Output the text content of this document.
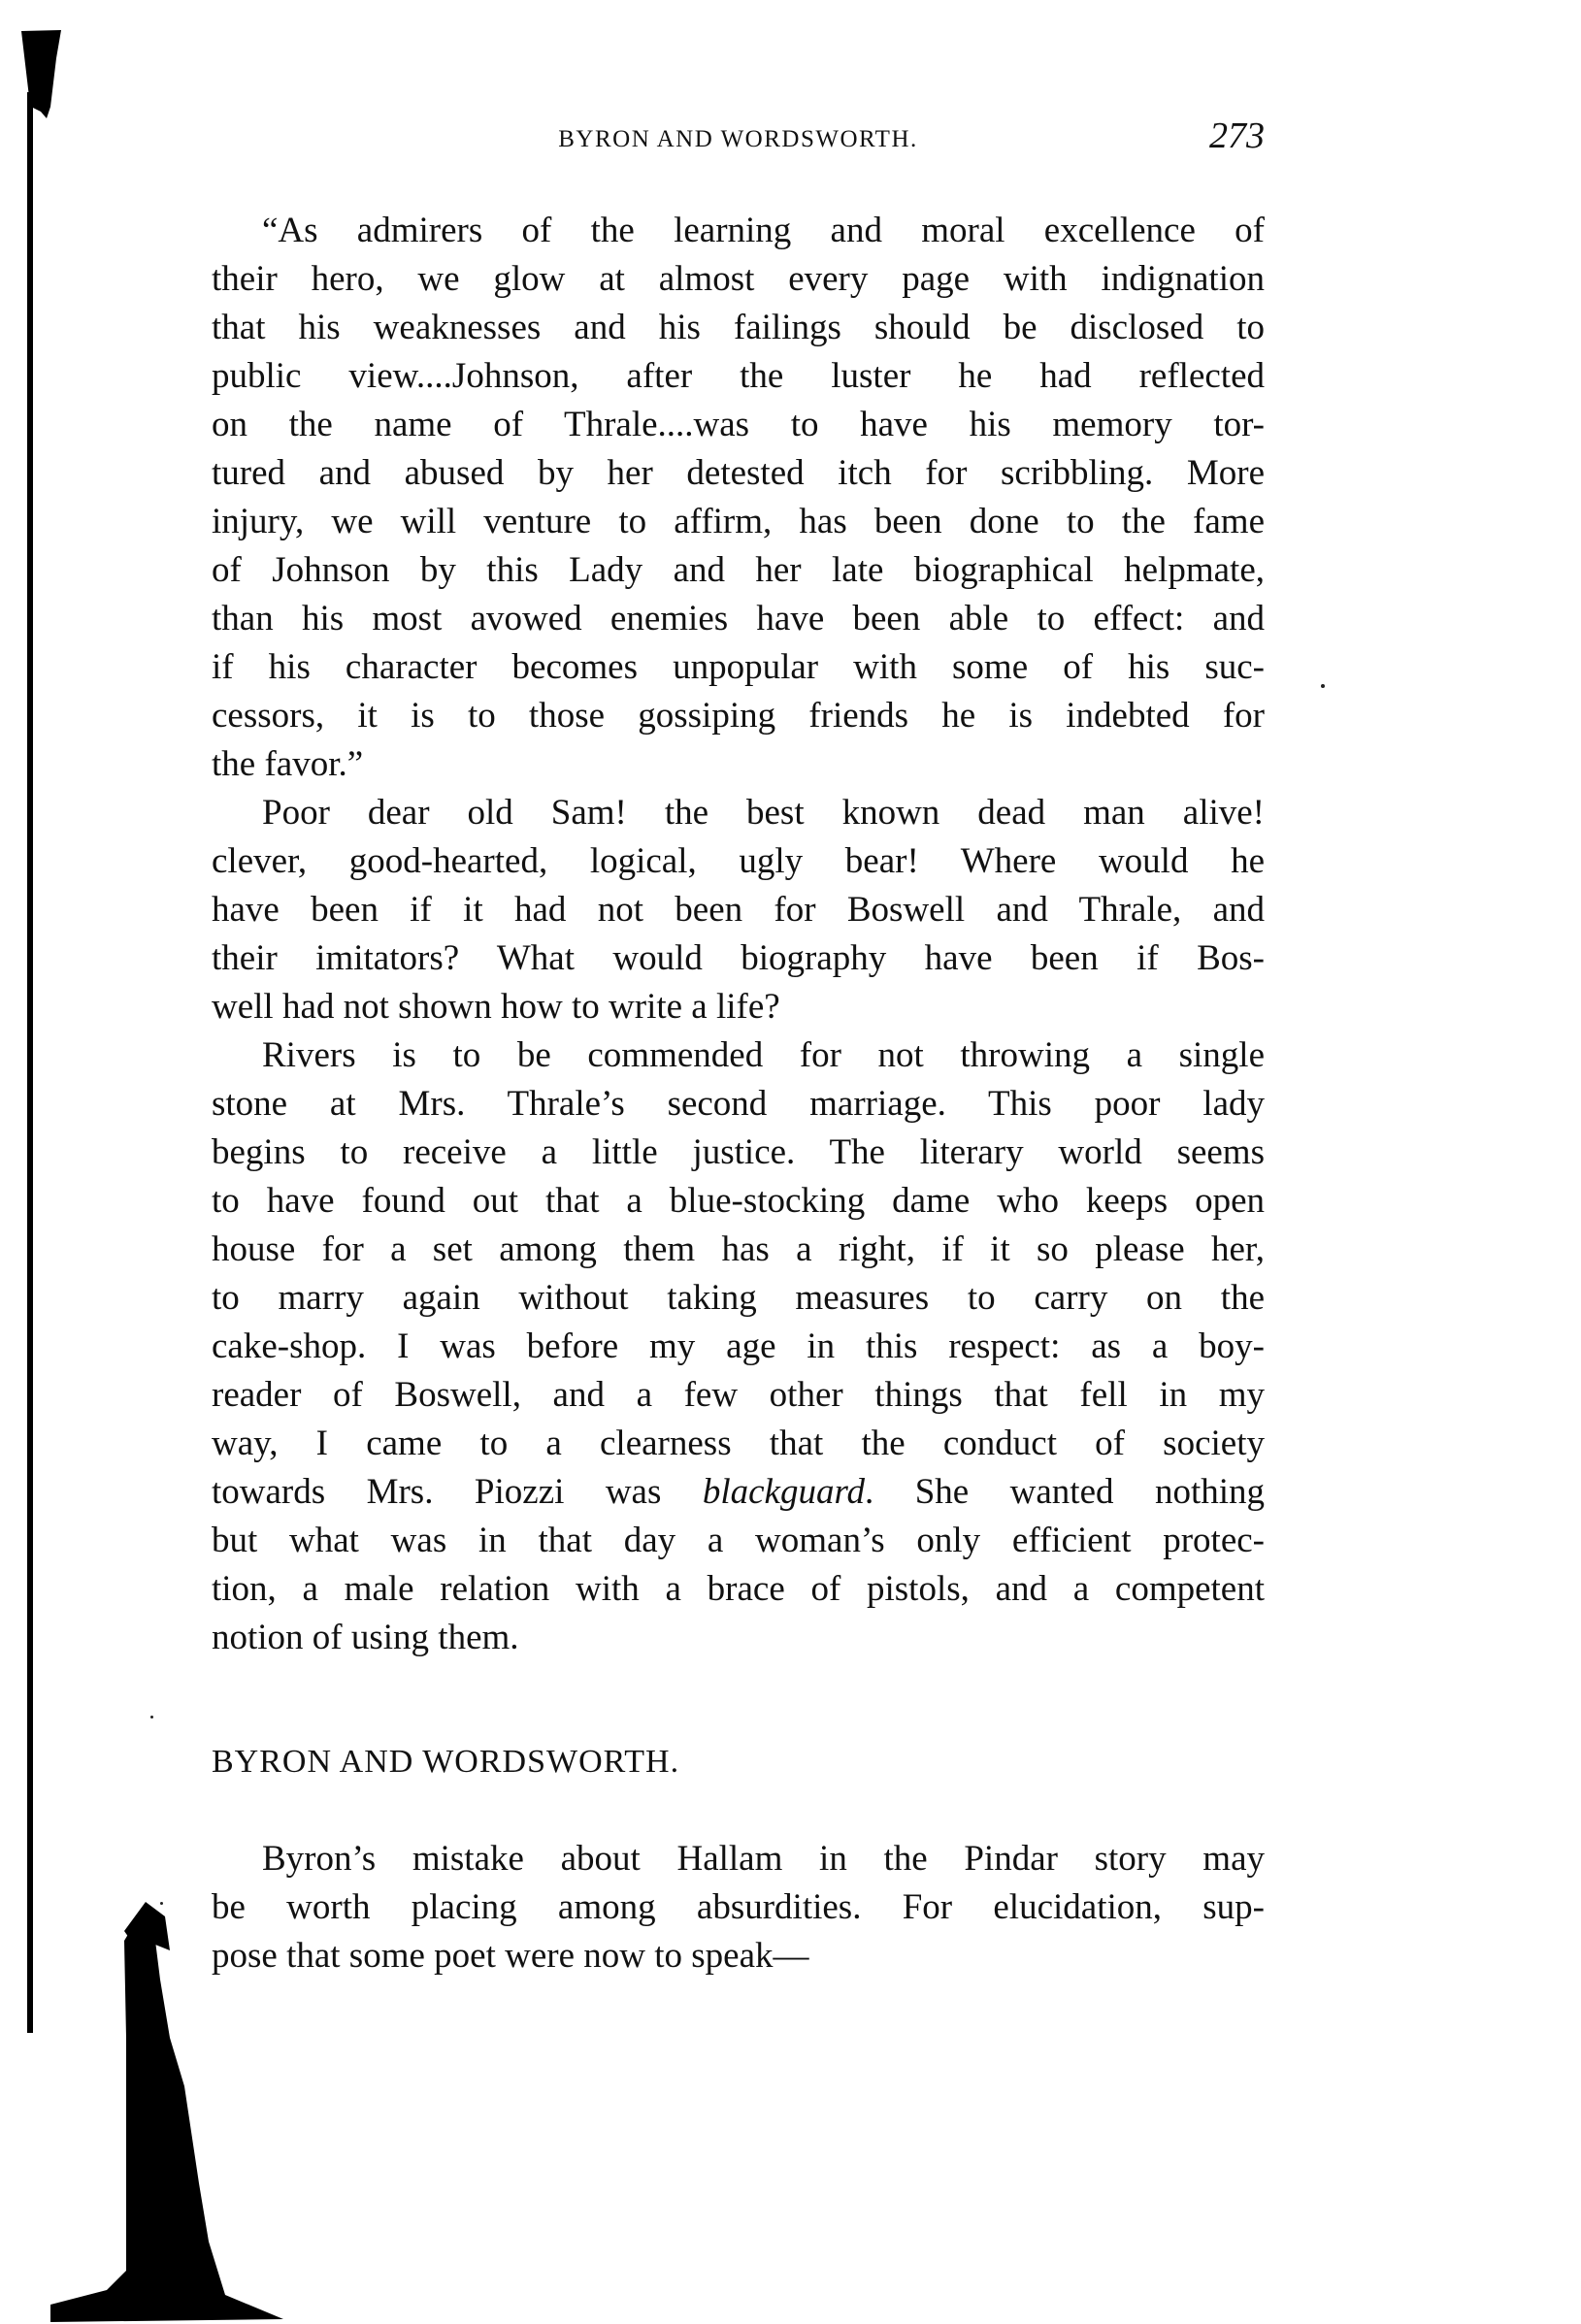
BYRON AND WORDSWORTH.	273

“As admirers of the learning and moral excellence of
their hero, we glow at almost every page with indignation
that his weaknesses and his failings should be disclosed to
public view....Johnson, after the luster he had reflected
on the name of Thrale....was to have his memory tor-
tured and abused by her detested itch for scribbling. More
injury, we will venture to affirm, has been done to the fame
of Johnson by this Lady and her late biographical helpmate,
than his most avowed enemies have been able to effect: and
if his character becomes unpopular with some of his suc-
cessors, it is to those gossiping friends he is indebted for
the favor.”

Poor dear old Sam! the best known dead man alive!
clever, good-hearted, logical, ugly bear! Where would he
have been if it had not been for Boswell and Thrale, and
their imitators? What would biography have been if Bos-
well had not shown how to write a life?

Rivers is to be commended for not throwing a single
stone at Mrs. Thrale’s second marriage. This poor lady
begins to receive a little justice. The literary world seems
to have found out that a blue-stocking dame who keeps open
house for a set among them has a right, if it so please her,
to marry again without taking measures to carry on the
cake-shop. I was before my age in this respect: as a boy-
reader of Boswell, and a few other things that fell in my
way, I came to a clearness that the conduct of society
towards Mrs. Piozzi was blackguard. She wanted nothing
but what was in that day a woman’s only efficient protec-
tion, a male relation with a brace of pistols, and a competent
notion of using them.

BYRON AND WORDSWORTH.

Byron’s mistake about Hallam in the Pindar story may
be worth placing among absurdities. For elucidation, sup-
pose that some poet were now to speak—
